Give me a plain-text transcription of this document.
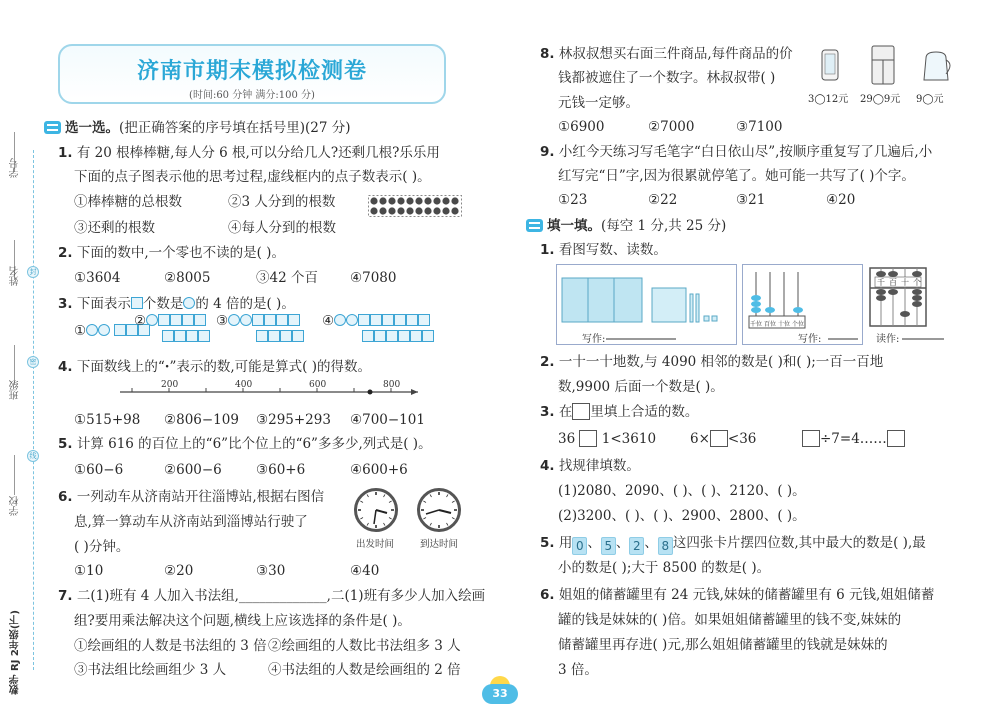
学号
姓名
班级
学校
封
密
线
数学 RJ 2年级(下)
济南市期末模拟检测卷
(时间:60 分钟 满分:100 分)
选一选。(把正确答案的序号填在括号里)(27 分)
1. 有 20 根棒棒糖,每人分 6 根,可以分给几人?还剩几根?乐乐用
下面的点子图表示他的思考过程,虚线框内的点子数表示( )。
①棒棒糖的总根数	②3 人分到的根数
③还剩的根数	④每人分到的根数
2. 下面的数中,一个零也不读的是( )。
①3604	②8005	③42 个百 ④7080
3. 下面表示 个数是 的 4 倍的是( )。
①
②	③	④

4. 下面数线上的“·”表示的数,可能是算式( )的得数。
200	400	600	800
①515+98 ②806−109 ③295+293 ④700−101
5. 计算 616 的百位上的“6”比个位上的“6”多多少,列式是( )。
①60−6	②600−6	③60+6	④600+6
6. 一列动车从济南站开往淄博站,根据右图信
息,算一算动车从济南站到淄博站行驶了
( )分钟。	出发时间	到达时间
①10	②20	③30	④40
7. 二(1)班有 4 人加入书法组,_____________,二(1)班有多少人加入绘画
组?要用乘法解决这个问题,横线上应该选择的条件是( )。
①绘画组的人数是书法组的 3 倍 ②绘画组的人数比书法组多 3 人
③书法组比绘画组少 3 人	④书法组的人数是绘画组的 2 倍
8. 林叔叔想买右面三件商品,每件商品的价
钱都被遮住了一个数字。林叔叔带( )
元钱一定够。	3◯12元 29◯9元 9◯元
①6900	②7000	③7100
9. 小红今天练习写毛笔字“白日依山尽”,按顺序重复写了几遍后,小
红写完“日”字,因为很累就停笔了。她可能一共写了( )个字。
①23	②22	③21	④20
填一填。(每空 1 分,共 25 分)
1. 看图写数、读数。
千位 百位 十位 个位
千 百 十 个
写作:	写作:	读作:
2. 一十一十地数,与 4090 相邻的数是( )和( );一百一百地
数,9900 后面一个数是( )。
3. 在 里填上合适的数。
36 1<3610	6× <36	÷7=4……
4. 找规律填数。
(1)2080、2090、( )、( )、2120、( )。
(2)3200、( )、( )、2900、2800、( )。
5. 用 0 、 5 、 2 、 8 这四张卡片摆四位数,其中最大的数是( ),最
小的数是( );大于 8500 的数是( )。
6. 姐姐的储蓄罐里有 24 元钱,妹妹的储蓄罐里有 6 元钱,姐姐储蓄
罐的钱是妹妹的( )倍。如果姐姐储蓄罐里的钱不变,妹妹的
储蓄罐里再存进( )元,那么姐姐储蓄罐里的钱就是妹妹的
3 倍。
33
